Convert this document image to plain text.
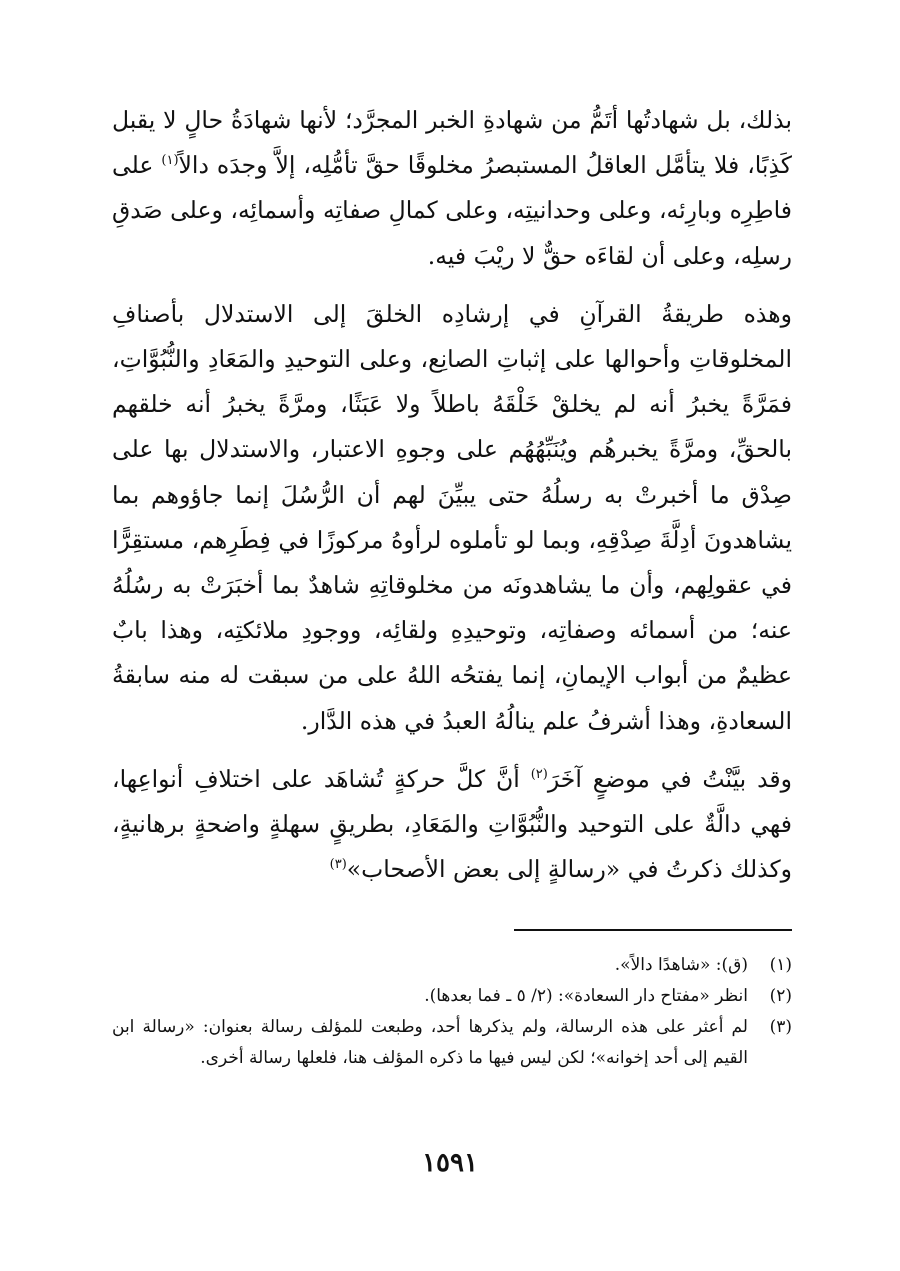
بذلك، بل شهادتُها أتَمُّ من شهادةِ الخبر المجرَّد؛ لأنها شهادَةُ حالٍ لا يقبل كَذِبًا، فلا يتأمَّل العاقلُ المستبصرُ مخلوقًا حقَّ تأمُّلِه، إلاَّ وجدَه دالاً$^{(١)}$ على فاطِرِه وبارِئه، وعلى وحدانيتِه، وعلى كمالِ صفاتِه وأسمائِه، وعلى صَدقِ رسلِه، وعلى أن لقاءَه حقٌّ لا ريْبَ فيه.

وهذه طريقةُ القرآنِ في إرشادِه الخلقَ إلى الاستدلال بأصنافِ المخلوقاتِ وأحوالها على إثباتِ الصانِع، وعلى التوحيدِ والمَعَادِ والنُّبُوَّاتِ، فمَرَّةً يخبرُ أنه لم يخلقْ خَلْقَهُ باطلاً ولا عَبَثًا، ومرَّةً يخبرُ أنه خلقهم بالحقِّ، ومرَّةً يخبرهُم ويُنَبِّهُهُم على وجوهِ الاعتبار، والاستدلال بها على صِدْق ما أخبرتْ به رسلُهُ حتى يبيِّنَ لهم أن الرُّسُلَ إنما جاؤوهم بما يشاهدونَ أدِلَّةَ صِدْقِهِ، وبما لو تأملوه لرأوهُ مركوزًا في فِطَرِهم، مستقِرًّا في عقولِهم، وأن ما يشاهدونَه من مخلوقاتِهِ شاهدٌ بما أخبَرَتْ به رسُلُهُ عنه؛ من أسمائه وصفاتِه، وتوحيدِهِ ولقائِه، ووجودِ ملائكتِه، وهذا بابٌ عظيمٌ من أبواب الإيمانِ، إنما يفتحُه اللهُ على من سبقت له منه سابقةُ السعادةِ، وهذا أشرفُ علم ينالُهُ العبدُ في هذه الدَّار.

وقد بيَّنْتُ في موضعٍ آخَرَ$^{(٢)}$ أنَّ كلَّ حركةٍ تُشاهَد على اختلافِ أنواعِها، فهي دالَّةٌ على التوحيد والنُّبُوَّاتِ والمَعَادِ، بطريقٍ سهلةٍ واضحةٍ برهانيةٍ، وكذلك ذكرتُ في «رسالةٍ إلى بعض الأصحاب»$^{(٣)}$

(١)
(ق): «شاهدًا دالاً».
(٢)
انظر «مفتاح دار السعادة»: (٢/ ٥ ـ فما بعدها).
(٣)
لم أعثر على هذه الرسالة، ولم يذكرها أحد، وطبعت للمؤلف رسالة بعنوان: «رسالة ابن القيم إلى أحد إخوانه»؛ لكن ليس فيها ما ذكره المؤلف هنا، فلعلها رسالة أخرى.
١٥٩١
